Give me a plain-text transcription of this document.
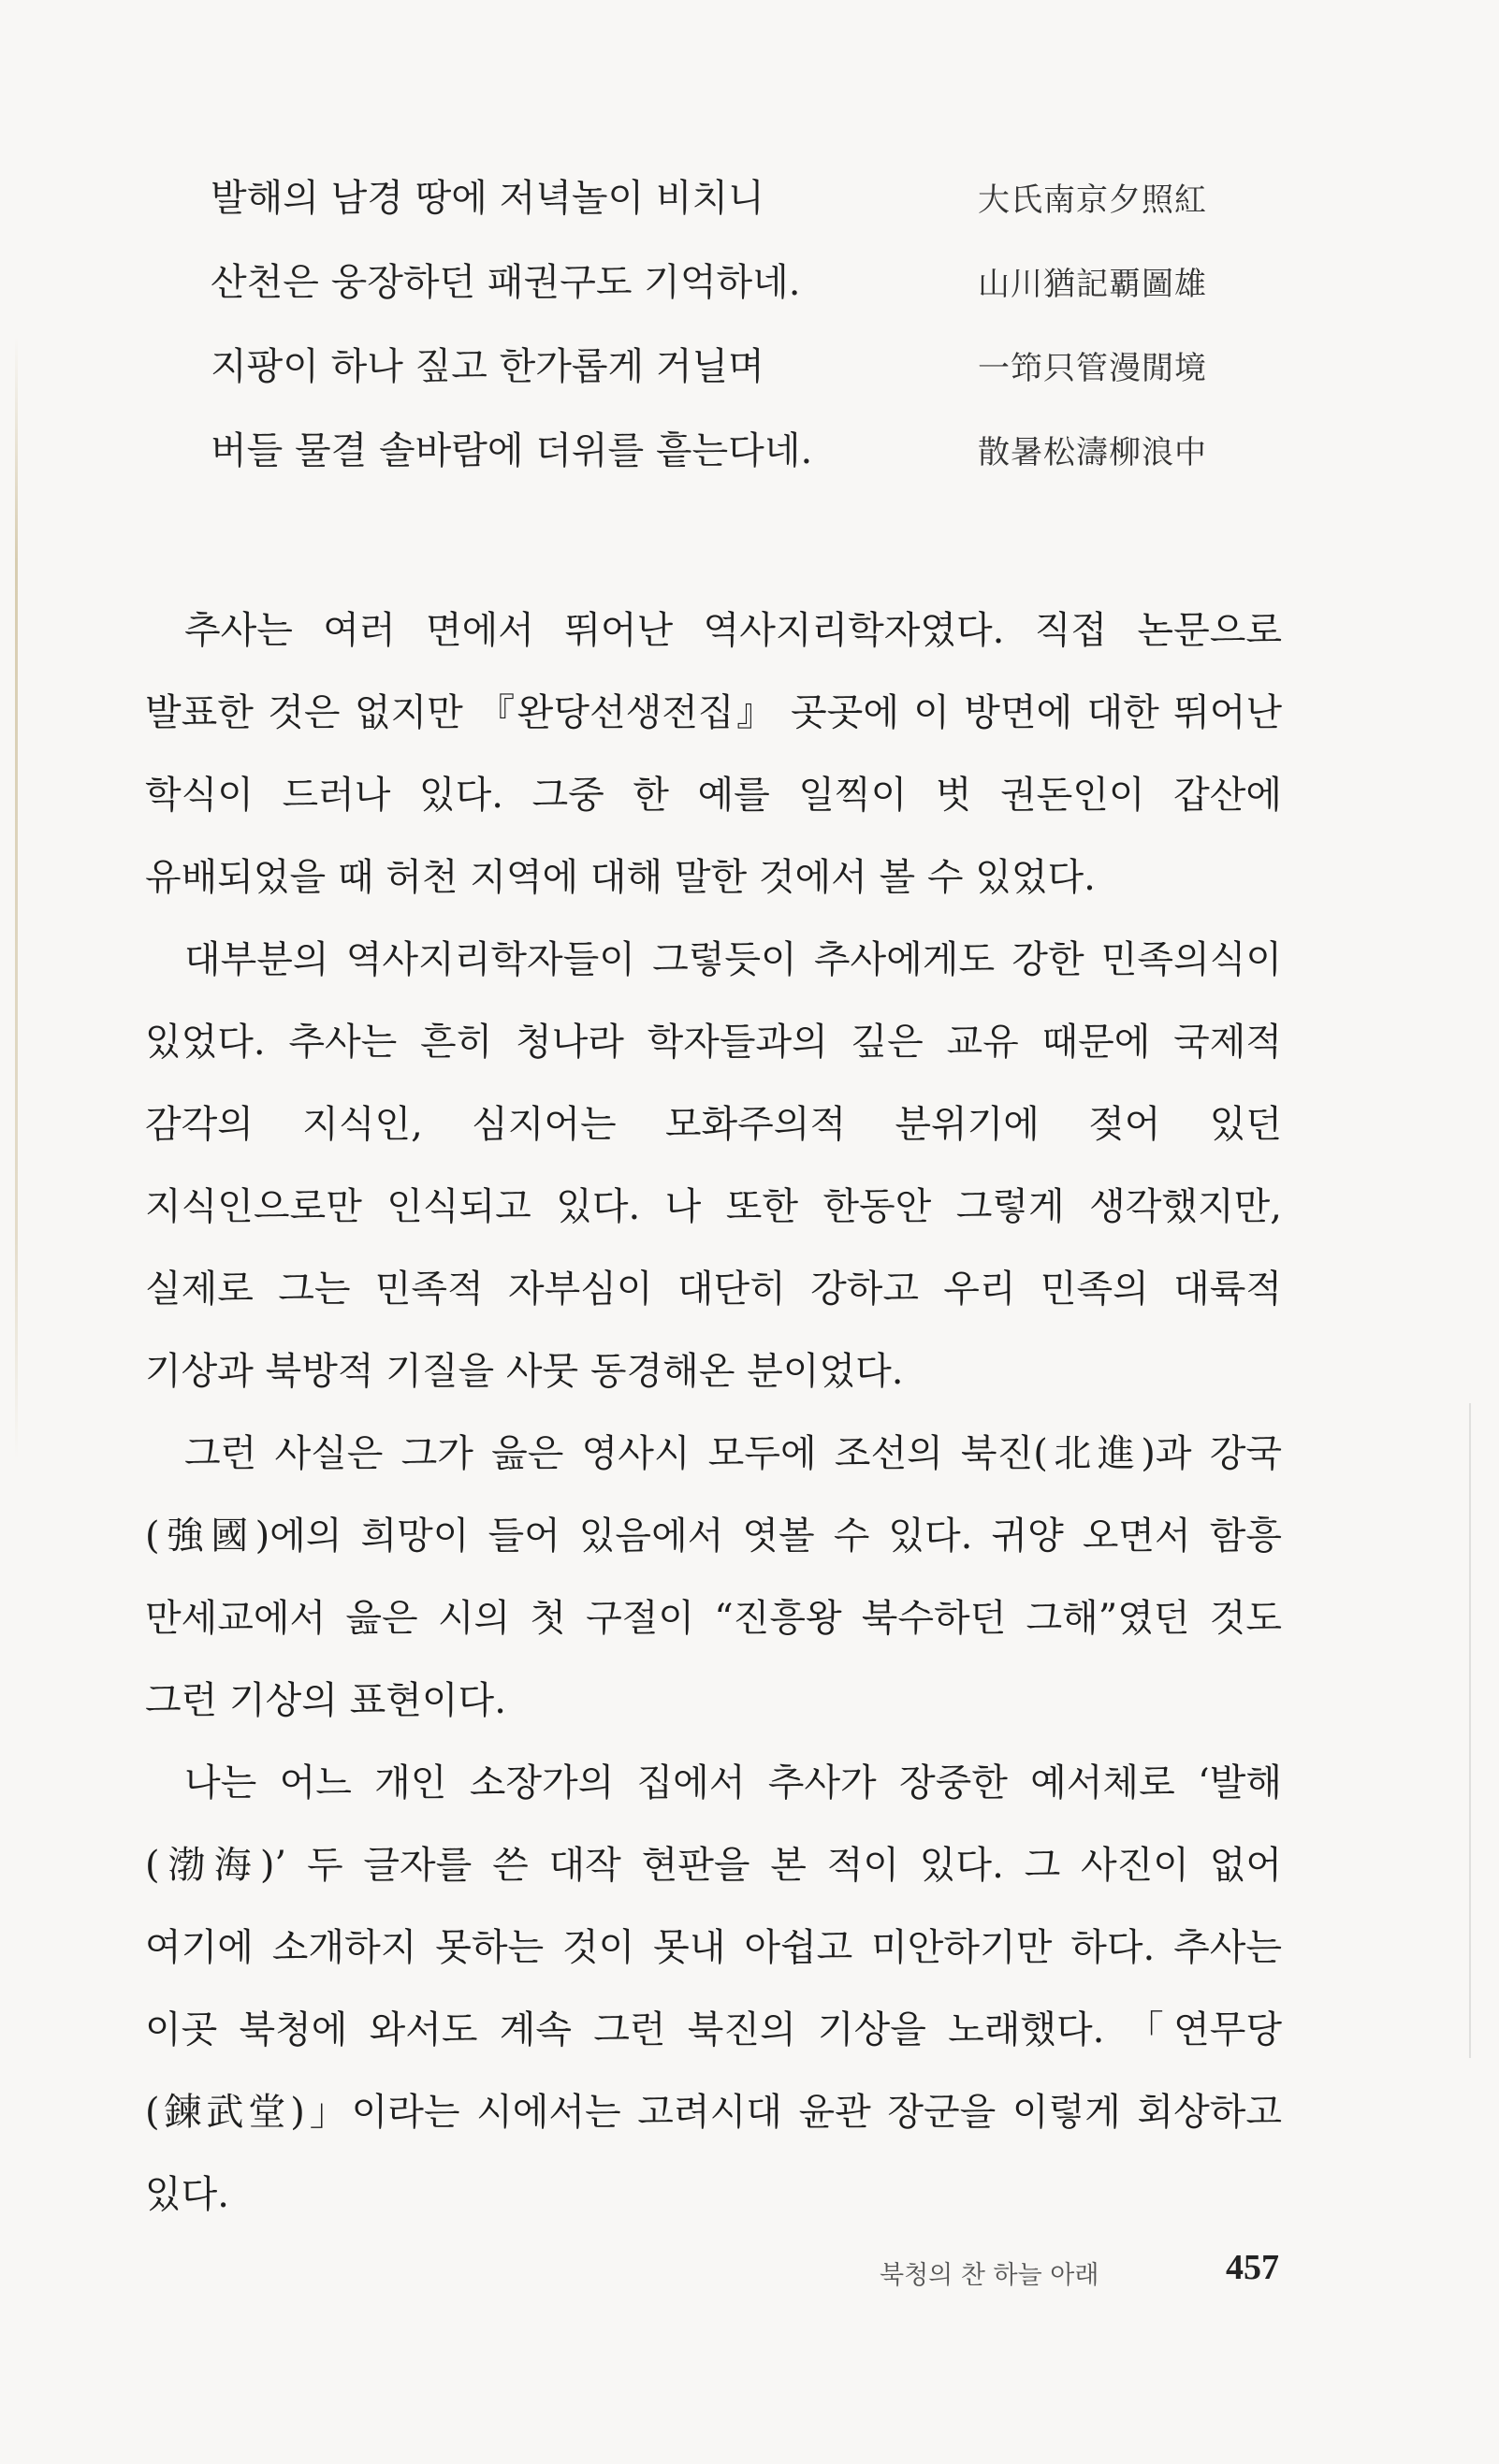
발해의 남경 땅에 저녁놀이 비치니	大氏南京夕照紅
산천은 웅장하던 패권구도 기억하네.	山川猶記覇圖雄
지팡이 하나 짚고 한가롭게 거닐며	一笻只管漫閒境
버들 물결 솔바람에 더위를 흩는다네.	散暑松濤柳浪中

추사는 여러 면에서 뛰어난 역사지리학자였다. 직접 논문으로 발표한 것은 없지만 『완당선생전집』 곳곳에 이 방면에 대한 뛰어난 학식이 드러나 있다. 그중 한 예를 일찍이 벗 권돈인이 갑산에 유배되었을 때 허천 지역에 대해 말한 것에서 볼 수 있었다.

대부분의 역사지리학자들이 그렇듯이 추사에게도 강한 민족의식이 있었다. 추사는 흔히 청나라 학자들과의 깊은 교유 때문에 국제적 감각의 지식인, 심지어는 모화주의적 분위기에 젖어 있던 지식인으로만 인식되고 있다. 나 또한 한동안 그렇게 생각했지만, 실제로 그는 민족적 자부심이 대단히 강하고 우리 민족의 대륙적 기상과 북방적 기질을 사뭇 동경해온 분이었다.

그런 사실은 그가 읊은 영사시 모두에 조선의 북진(北進)과 강국(強國)에의 희망이 들어 있음에서 엿볼 수 있다. 귀양 오면서 함흥 만세교에서 읊은 시의 첫 구절이 “진흥왕 북수하던 그해”였던 것도 그런 기상의 표현이다.

나는 어느 개인 소장가의 집에서 추사가 장중한 예서체로 ‘발해(渤海)’ 두 글자를 쓴 대작 현판을 본 적이 있다. 그 사진이 없어 여기에 소개하지 못하는 것이 못내 아쉽고 미안하기만 하다. 추사는 이곳 북청에 와서도 계속 그런 북진의 기상을 노래했다. 「연무당(鍊武堂)」이라는 시에서는 고려시대 윤관 장군을 이렇게 회상하고 있다.

북청의 찬 하늘 아래	457
